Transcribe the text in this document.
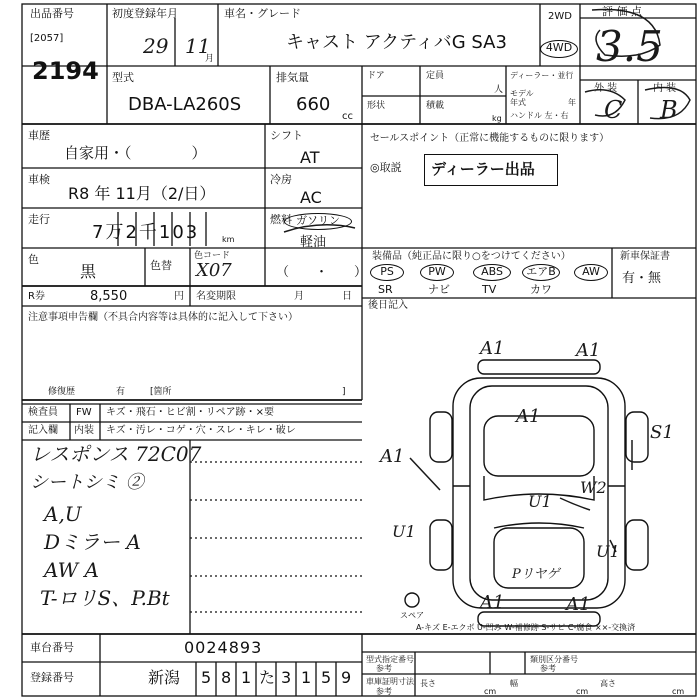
出品番号
[2057]
2194
初度登録年月
29 11
月
車名・グレード
キャスト アクティバG SA3
2WD
4WD
評 価 点
3.5
外 装	内 装
C B
型式
DBA-LA260S
排気量
660
cc
ドア	定員
人
形状	積載
kg
ディーラー・並行
モデル
年式	年
ハンドル 左・右
車歴
自家用・（　　　　）
シフト
AT
車検
R8 年 11月（2/日）
冷房
AC
走行
7万2千103	km
燃料 ガソリン
軽油
色
黒	色替 X07
色コード
（　　・　　）
R券	8,550	円 名変期限	月	日
注意事項申告欄（不具合内容等は具体的に記入して下さい）
修復歴	有	[箇所	]
検査員
記入欄
FW
内装
キズ・飛石・ヒビ割・リペア跡・×要
キズ・汚レ・コゲ・穴・スレ・キレ・破レ
レスポンス 72C07
シートシミ ②
A,U
Dミラー A
AW A
T-ロリS、P.Bt
セールスポイント（正常に機能するものに限ります）
◎取説 ディーラー出品
装備品（純正品に限り○をつけてください）
PS	PW	ABS	エアB	AW
SR	ナビ	TV	カワ
新車保証書
有・無
後日記入
A1	A1
A1
S1
A1
U1
W2
U1
U1
Pリヤゲ
A1	A1
スペア
A-キズ E-エクボ U-凹み W-補修跡 S-サビ C-腐食 ××-交換済
車台番号	0024893
登録番号	新潟 5 8 1 た 3 1 5 9
型式指定番号
参考
類別区分番号
参考
車庫証明寸法
参考
長さ
cm
幅
cm
高さ
cm
